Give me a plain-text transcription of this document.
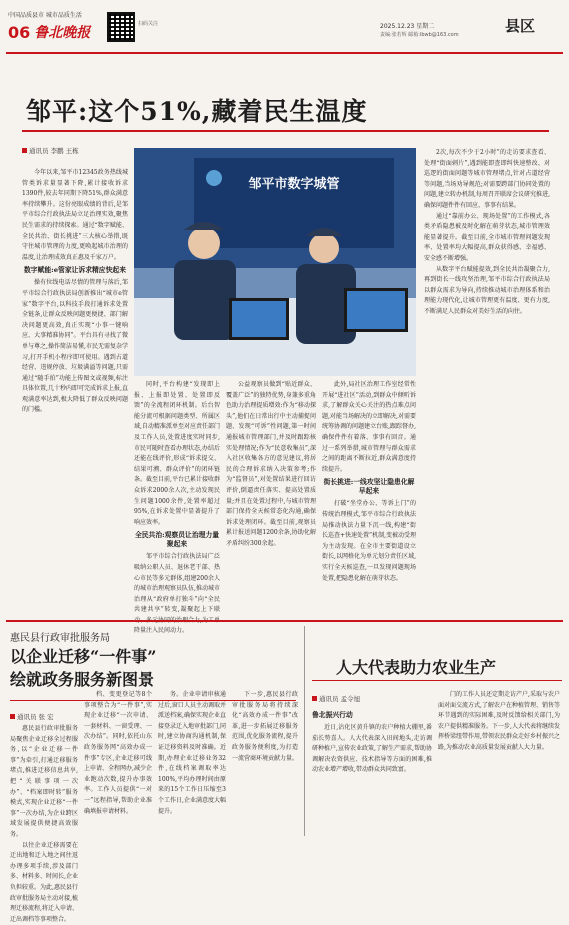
中国品质县市 城市品质生活
06 鲁北晚报
扫码关注	2025.12.23 星期二
责编:张若辉 邮箱:lbwb@163.com	县区
邹平:这个51%,藏着民生温度
通讯员 李鹏 王栋
邹平市数字城管

今年以来,邹平市12345政务热线城管类诉求量显著下降,累计接收诉求1390件,较去年同期下降51%,群众满意率持续攀升。这份亮眼成绩的背后,是邹平市综合行政执法局立足治理实效,聚焦民生需求的持续探索。通过“数字赋能、全民共治、街长挑进”三大核心举措,既守住城市管理的力度,更唤起城市治理的温度,让治理成效真正惠及千家万户。

数字赋能:e管家让诉求精应快起来

操有位线电话尽情的管理与落后,邹平市综合行政执法局创新推出“城市e管家”数字平台,以科技手段打通诉求处置全链条,让群众反映问题更便捷、部门解决问题更高效,真正实现“小事一键响应、大事精准协同”。平台具有寻找了微单与尊之,操作简洁易懂,市民无需复杂学习,打开手机小程序即可使用。遇到占道经营、违规停放、垃圾满溢等问题,只需通过“随手拍”功能上传图文或视频,标注具体位置,几十秒内即可完成诉求上报,直观满意率达到,极大降低了群众反映问题的门槛。

同时,平台构建“发现即上报、上报即处置、处置即反馈”的全流程闭环机制。后台智能分流可根据问题类型、所属区域,自动精准派单至对应责任部门及工作人员,处置进度实时同步,市民可随时查看办理状态,办结后还能在线评价,形成“诉求提交、结果可溯、群众评价”的闭环链条。截至目前,平台已累计接收群众诉求2000余人次,主动发现民生问题1000余件,处置率超过95%,在诉求处置中显著提升了响应效率。

全民共治:观察员让治理力量聚起来

邹平市综合行政执法局广泛吸纳公职人员、退休老干部、热心市民等多元群体,组建200余人的城市治理观察员队伍,推动城市治理从“政府单打独斗”向“全民共建共享”转变,凝聚起上下联 降量注入民间动力。

公益观察员做到“贴近群众、覆盖广泛”的独特优势,身兼多重角色助力治理提质增效:作为“移动探头”,他们在日常出行中主动捕捉问题、发现“可诉”性问题,第一时间通报城市管理部门,并及时跟踪核实处理情况;作为“民意收集员”,深入社区收集各方的意见建议,将居民的合理诉求纳入决策参考;作为“监督员”,对处置结果进行回访评价,倒逼责任落实、提高处置质量;并且在处置过程中,与城市管理部门保持全天候常态化沟通,确保诉求处理闭环。截至目前,观察员累计报送问题1200余条,协助化解矛盾纠纷300余起。

此外,局社区治理工作室经常性开展“进社区”活动,到群众中倾听诉求,了解群众关心关注的热点难点问题,对能当场解决的立即解决,对需要统筹协调的问题建立台账,跟踪督办,确保件件有着落、事事有回音。通过一系列举措,城市管理与群众需求之间的距离不断拉近,群众满意度持续提升。

街长挑进:一线攻坚让隐患化解早起来

打破“坐堂办公、等诉上门”的传统治理模式,邹平市综合行政执法局推动执法力量下沉一线,构建“街长巡查+快速处置”机制,变被动受理为主动发现。在全市主要街道设立街长,以网格化为单元划分责任区域,实行全天候巡查,一旦发现问题现场处置,把隐患化解在萌芽状态。

2次,每次不少于2小时”的走访要求查看、处理“街面刺片”,遇到能即查即纠快速整改、对巡逻的街面问题等城市管理堵点,针对占道经营等问题,当场劝导规范;对需要跨部门协同处置的问题,建立转办机制,每周召开联席会议研究推进,确保问题件件有回应、事事有结果。

通过“靠前办公、现场处置”的工作模式,各类矛盾隐患被及时化解在萌芽状态,城市管理效能显著提升。截至目前,全市城市管理问题发现率、处置率均大幅提高,群众获得感、幸福感、安全感不断增强。

从数字平台赋能提效,到全民共治凝聚合力,再到街长一线攻坚治理,邹平市综合行政执法局以群众需求为导向,持续推动城市治理体系和治理能力现代化,让城市管理更有温度、更有力度,不断满足人民群众对美好生活的向往。

惠民县行政审批服务局
以企业迁移“一件事”
绘就政务服务新图景
通讯员 张 宏

惠民县行政审批服务局聚焦企业迁移全过程服务,以“企业迁移一件事”为牵引,打通迁移服务堵点,推进迁移信息共享,把“关联事项一次办”、“档案即时转”服务模式,实现企业迁移“一件事”一次办结,为企业跨区域发展提供便捷高效服务。

以往企业迁移需要在迁出地和迁入地之间往返办理多项手续,涉及部门多、材料多、时间长,企业负担较重。为此,惠民县行政审批服务局主动对接,梳理迁移流程,将迁入申请、迁出调档等事项整合。

档、变更登记等8个事项整合为“一件事”,实现企业迁移“一次申请、一套材料、一窗受理、一次办结”。同时,依托山东政务服务网“高效办成一件事”专区,企业迁移可线上申请、全程网办,减少企业跑动次数,提升办事效率。工作人员提供“一对一”远程指导,帮助企业准确填报申请材料。

务。企业申请审核通过后,窗口人员主动调取并派送档案,确保实现企业直接登录迁入地审批部门,同时,建立协商沟通机制,保证迁移资料及时准确。近期,办理企业迁移业务32件,在线档案调取率达100%,平均办理时间由原来的15个工作日压缩至3个工作日,企业满意度大幅提升。

下一步,惠民县行政审批服务局将持续深化“高效办成一件事”改革,进一步拓展迁移服务范围,优化服务流程,提升政务服务便利度,为打造一流营商环境贡献力量。

人大代表助力农业生产
通讯员 孟令旭

鲁北振兴行动

近日,沾化区黄升镇的农户种植大棚里,番茄长势喜人。人大代表深入田间地头,走访调研种植户,宣传农业政策,了解生产需求,帮助协调解决农资供应、技术指导等方面的困难,推动农业增产增收,带动群众共同致富。

门的工作人员还定期走访产户,采取与农户面对面交流方式,了解农户在种植管理、销售等环节遇到的实际困难,及时反馈给相关部门,为农户提供精准服务。下一步,人大代表将继续发挥桥梁纽带作用,带领农民群众走好乡村振兴之路,为推动农业高质量发展贡献人大力量。
